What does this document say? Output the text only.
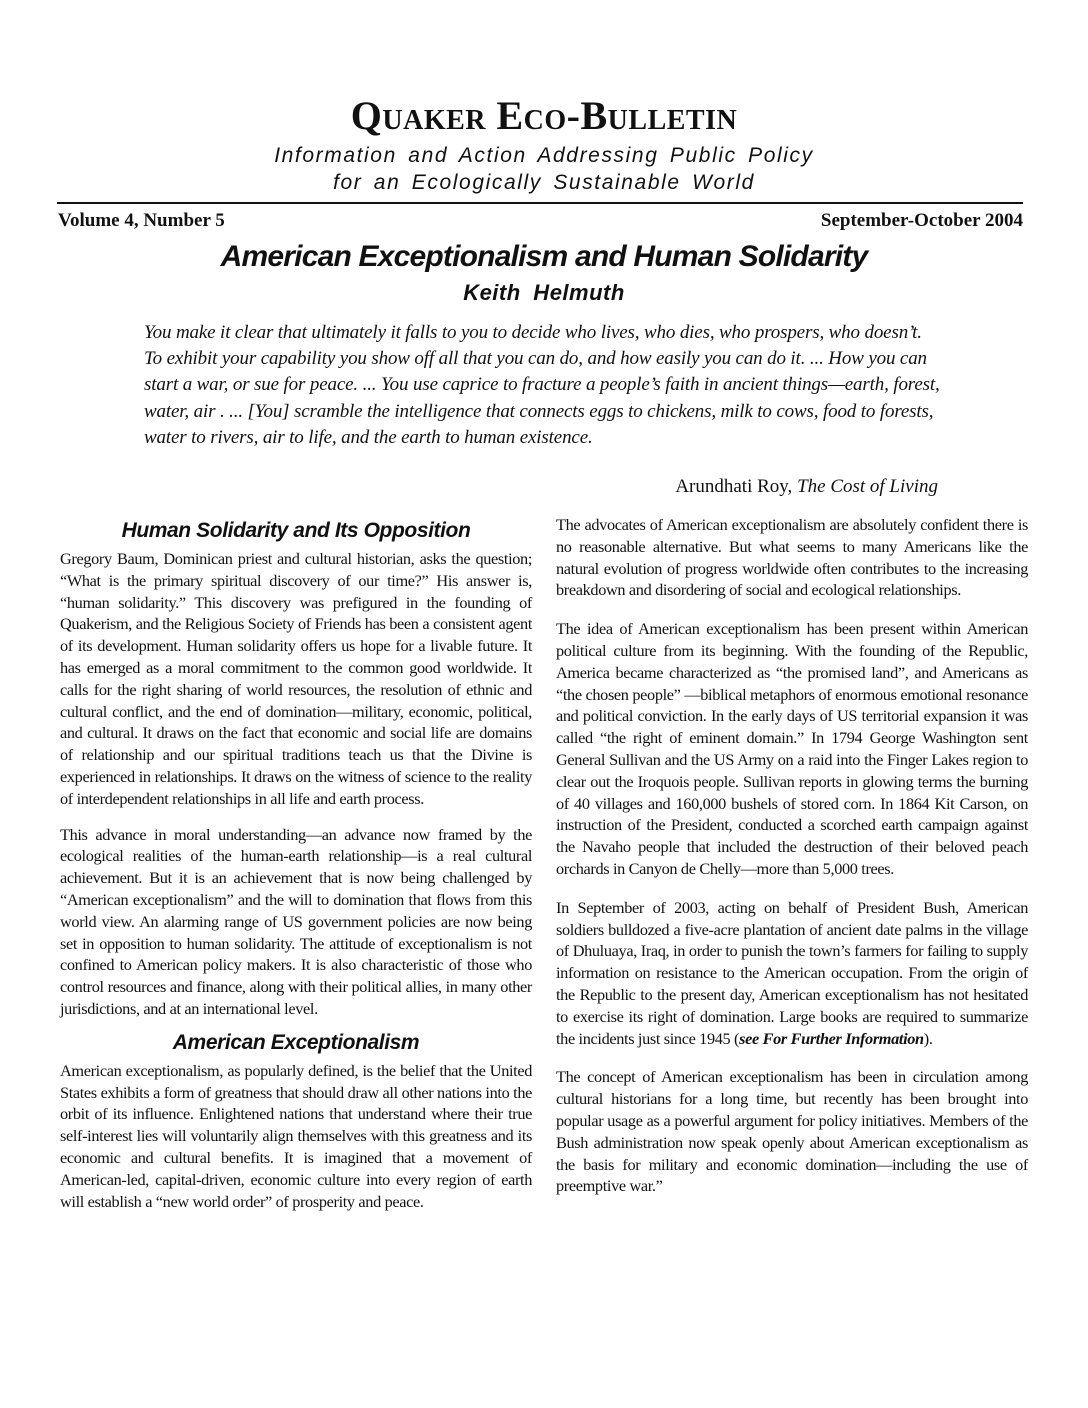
Quaker Eco-Bulletin
Information and Action Addressing Public Policy
for an Ecologically Sustainable World
Volume 4, Number 5	September-October 2004
American Exceptionalism and Human Solidarity
Keith Helmuth

You make it clear that ultimately it falls to you to decide who lives, who dies, who prospers, who doesn’t. To exhibit your capability you show off all that you can do, and how easily you can do it. ... How you can start a war, or sue for peace. ... You use caprice to fracture a people’s faith in ancient things—earth, forest, water, air . ... [You] scramble the intelligence that connects eggs to chickens, milk to cows, food to forests, water to rivers, air to life, and the earth to human existence.

Arundhati Roy, The Cost of Living
Human Solidarity and Its Opposition

Gregory Baum, Dominican priest and cultural historian, asks the question; “What is the primary spiritual discovery of our time?” His answer is, “human solidarity.” This discovery was prefigured in the founding of Quakerism, and the Religious Society of Friends has been a consistent agent of its development. Human solidarity offers us hope for a livable future. It has emerged as a moral commitment to the common good worldwide. It calls for the right sharing of world resources, the resolution of ethnic and cultural conflict, and the end of domination—military, economic, political, and cultural. It draws on the fact that economic and social life are domains of relationship and our spiritual traditions teach us that the Divine is experienced in relationships. It draws on the witness of science to the reality of interdependent relationships in all life and earth process.

This advance in moral understanding—an advance now framed by the ecological realities of the human-earth relationship—is a real cultural achievement. But it is an achievement that is now being challenged by “American exceptionalism” and the will to domination that flows from this world view. An alarming range of US government policies are now being set in opposition to human solidarity. The attitude of exceptionalism is not confined to American policy makers. It is also characteristic of those who control resources and finance, along with their political allies, in many other jurisdictions, and at an international level.

American Exceptionalism

American exceptionalism, as popularly defined, is the belief that the United States exhibits a form of greatness that should draw all other nations into the orbit of its influence. Enlightened nations that understand where their true self-interest lies will voluntarily align themselves with this greatness and its economic and cultural benefits. It is imagined that a movement of American-led, capital-driven, economic culture into every region of earth will establish a “new world order” of prosperity and peace.

The advocates of American exceptionalism are absolutely confident there is no reasonable alternative. But what seems to many Americans like the natural evolution of progress worldwide often contributes to the increasing breakdown and disordering of social and ecological relationships.

The idea of American exceptionalism has been present within American political culture from its beginning. With the founding of the Republic, America became characterized as “the promised land”, and Americans as “the chosen people” —biblical metaphors of enormous emotional resonance and political conviction. In the early days of US territorial expansion it was called “the right of eminent domain.” In 1794 George Washington sent General Sullivan and the US Army on a raid into the Finger Lakes region to clear out the Iroquois people. Sullivan reports in glowing terms the burning of 40 villages and 160,000 bushels of stored corn. In 1864 Kit Carson, on instruction of the President, conducted a scorched earth campaign against the Navaho people that included the destruction of their beloved peach orchards in Canyon de Chelly—more than 5,000 trees.

In September of 2003, acting on behalf of President Bush, American soldiers bulldozed a five-acre plantation of ancient date palms in the village of Dhuluaya, Iraq, in order to punish the town’s farmers for failing to supply information on resistance to the American occupation. From the origin of the Republic to the present day, American exceptionalism has not hesitated to exercise its right of domination. Large books are required to summarize the incidents just since 1945 (see For Further Information).

The concept of American exceptionalism has been in circulation among cultural historians for a long time, but recently has been brought into popular usage as a powerful argument for policy initiatives. Members of the Bush administration now speak openly about American exceptionalism as the basis for military and economic domination—including the use of preemptive war.”
